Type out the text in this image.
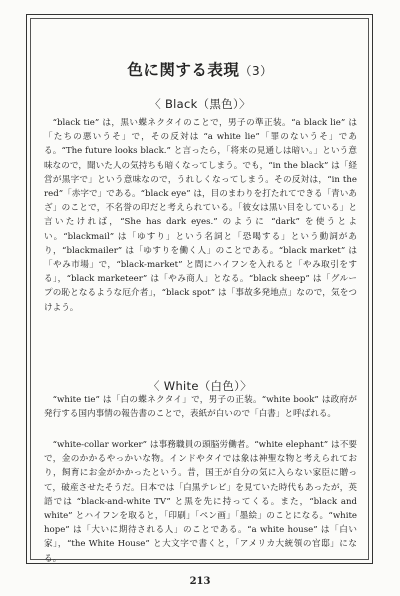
色に関する表現（3）
〈 Black（黒色）〉

“black tie” は，黒い蝶ネクタイのことで，男子の準正装。“a black lie” は「たちの悪いうそ」で，その反対は “a white lie”「罪のないうそ」である。“The future looks black.” と言ったら，「将来の見通しは暗い。」という意味なので，聞いた人の気持ちも暗くなってしまう。でも，“in the black” は「経営が黒字で」という意味なので，うれしくなってしまう。その反対は，“in the red”「赤字で」である。“black eye” は，目のまわりを打たれてできる「青いあざ」のことで，不名誉の印だと考えられている。「彼女は黒い目をしている」と言いたければ，“She has dark eyes.” のように “dark” を使うとよい。“blackmail” は「ゆすり」という名詞と「恐喝する」という動詞があり，“blackmailer” は「ゆすりを働く人」のことである。“black market” は「やみ市場」で，“black-market” と間にハイフンを入れると「やみ取引をする」，“black marketeer” は「やみ商人」となる。“black sheep” は「グループの恥となるような厄介者」，“black spot” は「事故多発地点」なので，気をつけよう。

〈 White（白色）〉

“white tie” は「白の蝶ネクタイ」で，男子の正装。“white book” は政府が発行する国内事情の報告書のことで，表紙が白いので「白書」と呼ばれる。

“white-collar worker” は事務職員の頭脳労働者。“white elephant” は不要で，金のかかるやっかいな物。インドやタイでは象は神聖な物と考えられており，飼育にお金がかかったという。昔，国王が自分の気に入らない家臣に贈って，破産させたそうだ。日本では「白黒テレビ」を見ていた時代もあったが，英語では “black-and-white TV” と黒を先に持ってくる。また，“black and white” とハイフンを取ると，「印刷」「ペン画」「墨絵」のことになる。“white hope” は「大いに期待される人」のことである。“a white house” は「白い家」，“the White House” と大文字で書くと，「アメリカ大統領の官邸」になる。

213
